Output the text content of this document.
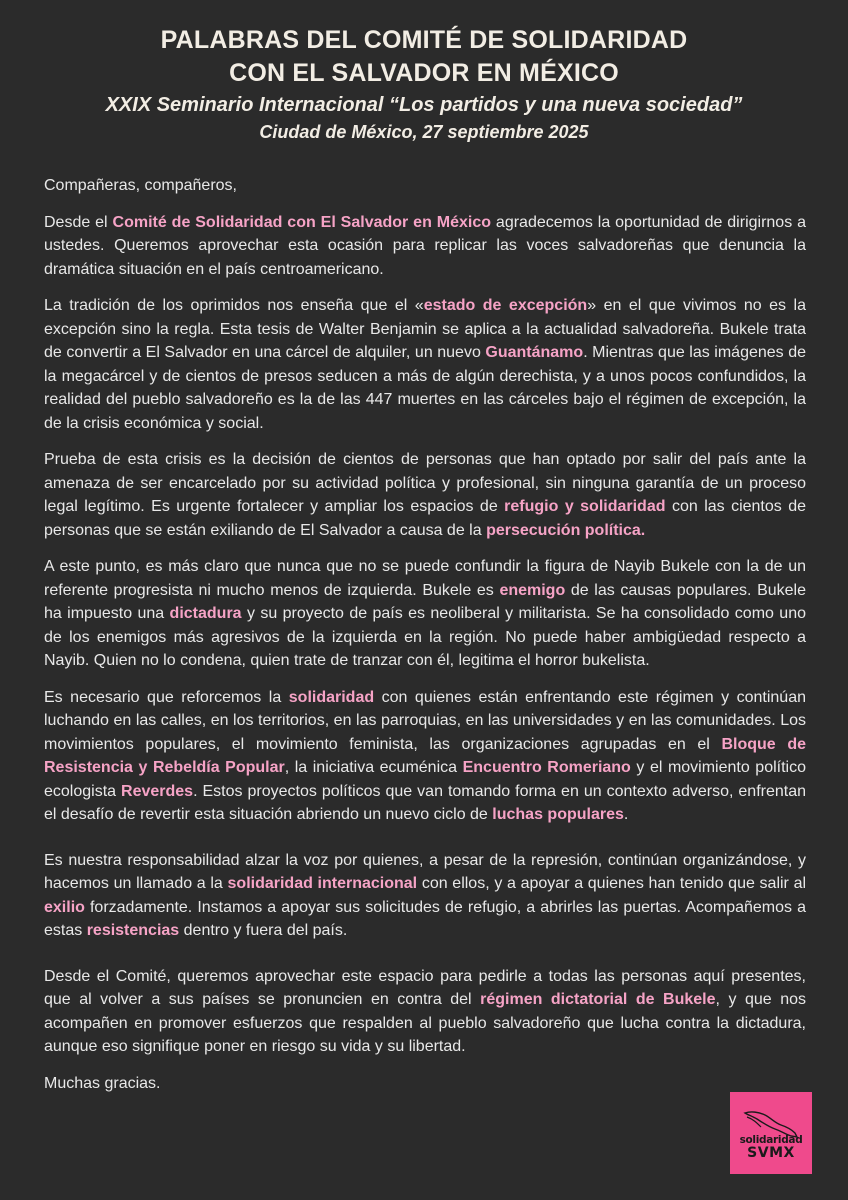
PALABRAS DEL COMITÉ DE SOLIDARIDAD
CON EL SALVADOR EN MÉXICO

XXIX Seminario Internacional “Los partidos y una nueva sociedad”

Ciudad de México, 27 septiembre 2025

Compañeras, compañeros,

Desde el Comité de Solidaridad con El Salvador en México agradecemos la oportunidad de dirigirnos a ustedes. Queremos aprovechar esta ocasión para replicar las voces salvadoreñas que denuncia la dramática situación en el país centroamericano.

La tradición de los oprimidos nos enseña que el «estado de excepción» en el que vivimos no es la excepción sino la regla. Esta tesis de Walter Benjamin se aplica a la actualidad salvadoreña. Bukele trata de convertir a El Salvador en una cárcel de alquiler, un nuevo Guantánamo. Mientras que las imágenes de la megacárcel y de cientos de presos seducen a más de algún derechista, y a unos pocos confundidos, la realidad del pueblo salvadoreño es la de las 447 muertes en las cárceles bajo el régimen de excepción, la de la crisis económica y social.

Prueba de esta crisis es la decisión de cientos de personas que han optado por salir del país ante la amenaza de ser encarcelado por su actividad política y profesional, sin ninguna garantía de un proceso legal legítimo. Es urgente fortalecer y ampliar los espacios de refugio y solidaridad con las cientos de personas que se están exiliando de El Salvador a causa de la persecución política.

A este punto, es más claro que nunca que no se puede confundir la figura de Nayib Bukele con la de un referente progresista ni mucho menos de izquierda. Bukele es enemigo de las causas populares. Bukele ha impuesto una dictadura y su proyecto de país es neoliberal y militarista. Se ha consolidado como uno de los enemigos más agresivos de la izquierda en la región. No puede haber ambigüedad respecto a Nayib. Quien no lo condena, quien trate de tranzar con él, legitima el horror bukelista.

Es necesario que reforcemos la solidaridad con quienes están enfrentando este régimen y continúan luchando en las calles, en los territorios, en las parroquias, en las universidades y en las comunidades. Los movimientos populares, el movimiento feminista, las organizaciones agrupadas en el Bloque de Resistencia y Rebeldía Popular, la iniciativa ecuménica Encuentro Romeriano y el movimiento político ecologista Reverdes. Estos proyectos políticos que van tomando forma en un contexto adverso, enfrentan el desafío de revertir esta situación abriendo un nuevo ciclo de luchas populares.

Es nuestra responsabilidad alzar la voz por quienes, a pesar de la represión, continúan organizándose, y hacemos un llamado a la solidaridad internacional con ellos, y a apoyar a quienes han tenido que salir al exilio forzadamente. Instamos a apoyar sus solicitudes de refugio, a abrirles las puertas. Acompañemos a estas resistencias dentro y fuera del país.

Desde el Comité, queremos aprovechar este espacio para pedirle a todas las personas aquí presentes, que al volver a sus países se pronuncien en contra del régimen dictatorial de Bukele, y que nos acompañen en promover esfuerzos que respalden al pueblo salvadoreño que lucha contra la dictadura, aunque eso signifique poner en riesgo su vida y su libertad.

Muchas gracias.

solidaridad
SVMX
